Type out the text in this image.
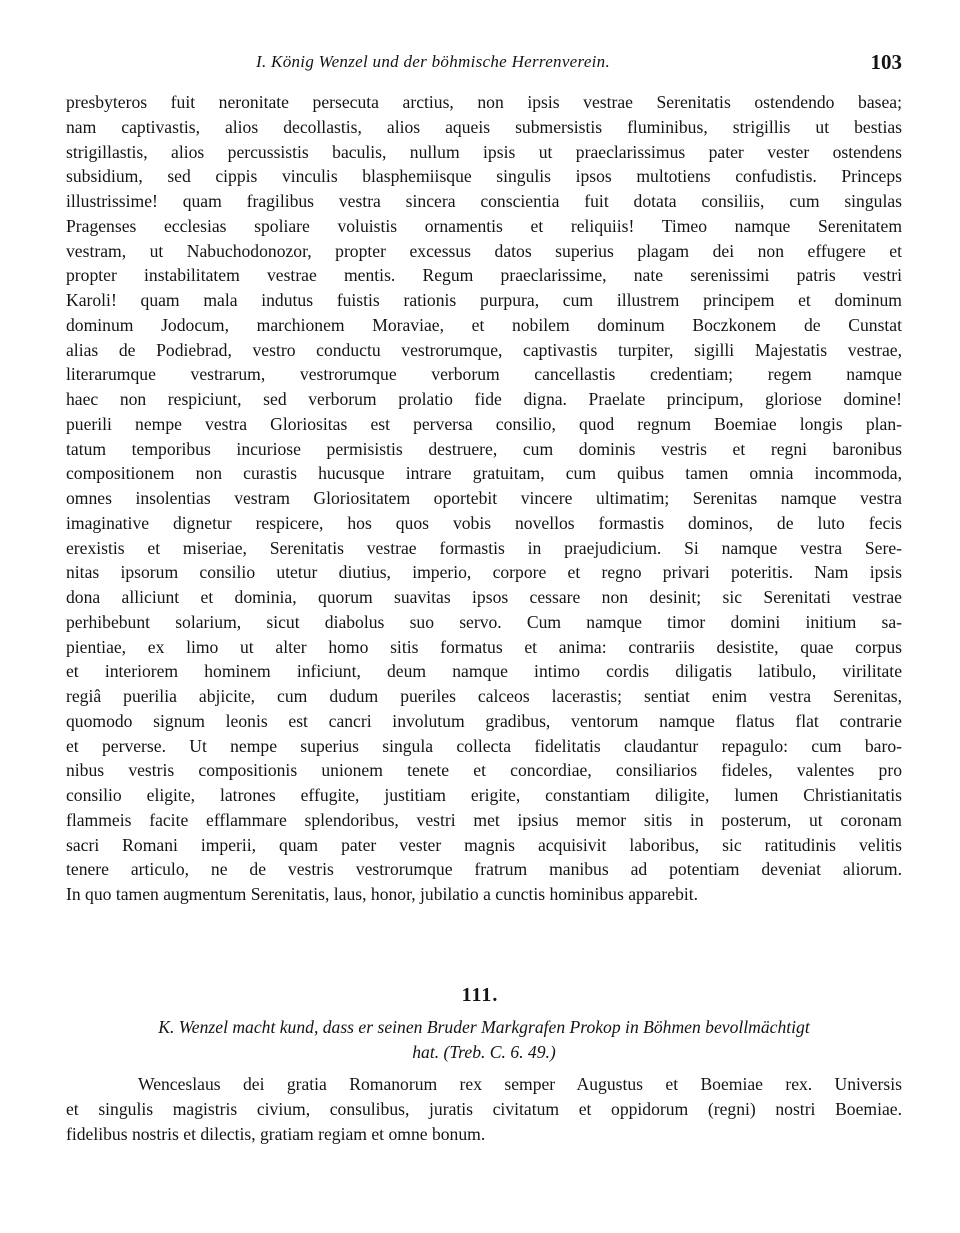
I. König Wenzel und der böhmische Herrenverein.	103
presbyteros fuit neronitate persecuta arctius, non ipsis vestrae Serenitatis ostendendo basea;
nam captivastis, alios decollastis, alios aqueis submersistis fluminibus, strigillis ut bestias
strigillastis, alios percussistis baculis, nullum ipsis ut praeclarissimus pater vester ostendens
subsidium, sed cippis vinculis blasphemiisque singulis ipsos multotiens confudistis. Princeps
illustrissime! quam fragilibus vestra sincera conscientia fuit dotata consiliis, cum singulas
Pragenses ecclesias spoliare voluistis ornamentis et reliquiis! Timeo namque Serenitatem
vestram, ut Nabuchodonozor, propter excessus datos superius plagam dei non effugere et
propter instabilitatem vestrae mentis. Regum praeclarissime, nate serenissimi patris vestri
Karoli! quam mala indutus fuistis rationis purpura, cum illustrem principem et dominum
dominum Jodocum, marchionem Moraviae, et nobilem dominum Boczkonem de Cunstat
alias de Podiebrad, vestro conductu vestrorumque, captivastis turpiter, sigilli Majestatis vestrae,
literarumque vestrarum, vestrorumque verborum cancellastis credentiam; regem namque
haec non respiciunt, sed verborum prolatio fide digna. Praelate principum, gloriose domine!
puerili nempe vestra Gloriositas est perversa consilio, quod regnum Boemiae longis plan-
tatum temporibus incuriose permisistis destruere, cum dominis vestris et regni baronibus
compositionem non curastis hucusque intrare gratuitam, cum quibus tamen omnia incommoda,
omnes insolentias vestram Gloriositatem oportebit vincere ultimatim; Serenitas namque vestra
imaginative dignetur respicere, hos quos vobis novellos formastis dominos, de luto fecis
erexistis et miseriae, Serenitatis vestrae formastis in praejudicium. Si namque vestra Sere-
nitas ipsorum consilio utetur diutius, imperio, corpore et regno privari poteritis. Nam ipsis
dona alliciunt et dominia, quorum suavitas ipsos cessare non desinit; sic Serenitati vestrae
perhibebunt solarium, sicut diabolus suo servo. Cum namque timor domini initium sa-
pientiae, ex limo ut alter homo sitis formatus et anima: contrariis desistite, quae corpus
et interiorem hominem inficiunt, deum namque intimo cordis diligatis latibulo, virilitate
regiâ puerilia abjicite, cum dudum pueriles calceos lacerastis; sentiat enim vestra Serenitas,
quomodo signum leonis est cancri involutum gradibus, ventorum namque flatus flat contrarie
et perverse. Ut nempe superius singula collecta fidelitatis claudantur repagulo: cum baro-
nibus vestris compositionis unionem tenete et concordiae, consiliarios fideles, valentes pro
consilio eligite, latrones effugite, justitiam erigite, constantiam diligite, lumen Christianitatis
flammeis facite efflammare splendoribus, vestri met ipsius memor sitis in posterum, ut coronam
sacri Romani imperii, quam pater vester magnis acquisivit laboribus, sic ratitudinis velitis
tenere articulo, ne de vestris vestrorumque fratrum manibus ad potentiam deveniat aliorum.
In quo tamen augmentum Serenitatis, laus, honor, jubilatio a cunctis hominibus apparebit.
111.
K. Wenzel macht kund, dass er seinen Bruder Markgrafen Prokop in Böhmen bevollmächtigt
hat. (Treb. C. 6. 49.)
Wenceslaus dei gratia Romanorum rex semper Augustus et Boemiae rex. Universis
et singulis magistris civium, consulibus, juratis civitatum et oppidorum (regni) nostri Boemiae.
fidelibus nostris et dilectis, gratiam regiam et omne bonum.
